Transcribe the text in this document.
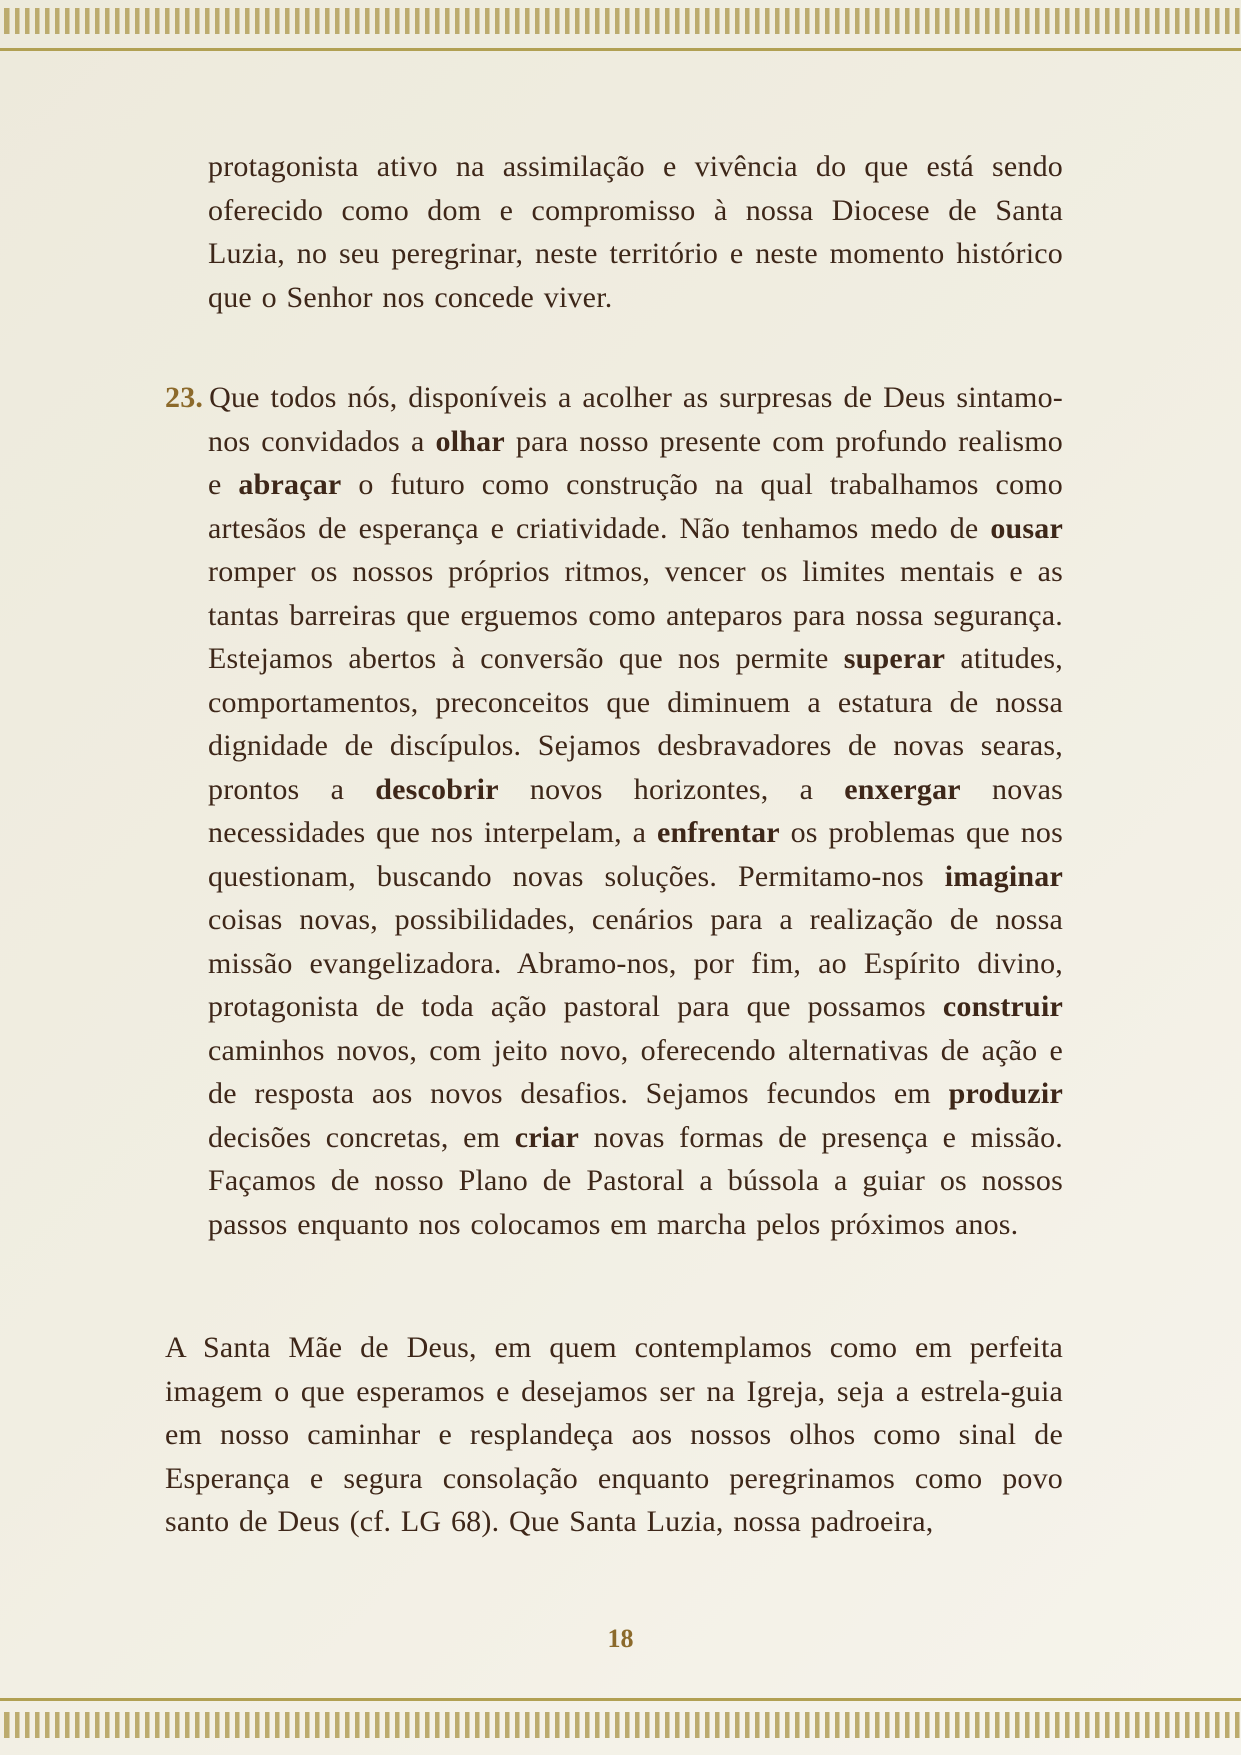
protagonista ativo na assimilação e vivência do que está sendo oferecido como dom e compromisso à nossa Diocese de Santa Luzia, no seu peregrinar, neste território e neste momento histórico que o Senhor nos concede viver.

23. Que todos nós, disponíveis a acolher as surpresas de Deus sintamo-nos convidados a olhar para nosso presente com profundo realismo e abraçar o futuro como construção na qual trabalhamos como artesãos de esperança e criatividade. Não tenhamos medo de ousar romper os nossos próprios ritmos, vencer os limites mentais e as tantas barreiras que erguemos como anteparos para nossa segurança. Estejamos abertos à conversão que nos permite superar atitudes, comportamentos, preconceitos que diminuem a estatura de nossa dignidade de discípulos. Sejamos desbravadores de novas searas, prontos a descobrir novos horizontes, a enxergar novas necessidades que nos interpelam, a enfrentar os problemas que nos questionam, buscando novas soluções. Permitamo-nos imaginar coisas novas, possibilidades, cenários para a realização de nossa missão evangelizadora. Abramo-nos, por fim, ao Espírito divino, protagonista de toda ação pastoral para que possamos construir caminhos novos, com jeito novo, oferecendo alternativas de ação e de resposta aos novos desafios. Sejamos fecundos em produzir decisões concretas, em criar novas formas de presença e missão. Façamos de nosso Plano de Pastoral a bússola a guiar os nossos passos enquanto nos colocamos em marcha pelos próximos anos.

A Santa Mãe de Deus, em quem contemplamos como em perfeita imagem o que esperamos e desejamos ser na Igreja, seja a estrela-guia em nosso caminhar e resplandeça aos nossos olhos como sinal de Esperança e segura consolação enquanto peregrinamos como povo santo de Deus (cf. LG 68). Que Santa Luzia, nossa padroeira,

18
